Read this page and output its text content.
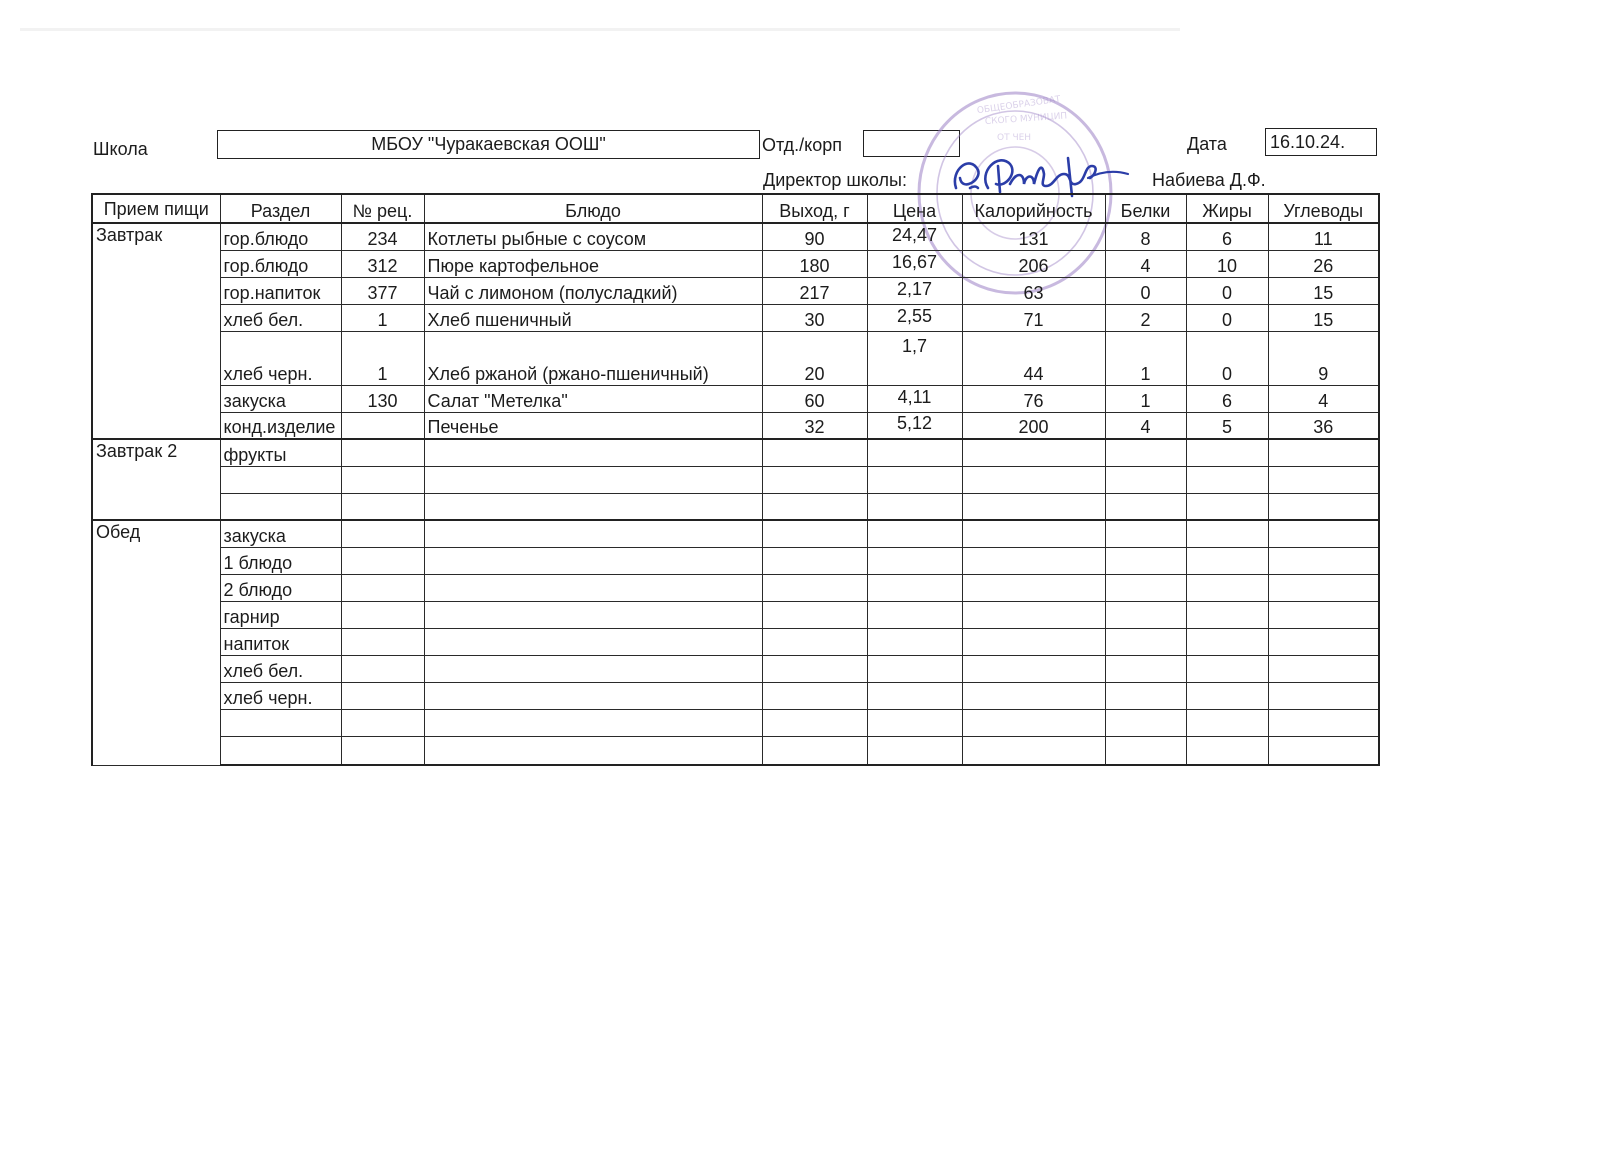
Школа	МБОУ "Чуракаевская ООШ"	Отд./корп	Дата 16.10.24.
ОБЩЕОБРАЗОВАТ
СКОГО МУНИЦИП
ОТ ЧЕН
Директор школы:	Набиева Д.Ф.
Прием пищи	Раздел	№ рец.	Блюдо	Выход, г	Цена	Калорийность	Белки	Жиры	Углеводы
Завтрак	гор.блюдо	234	Котлеты рыбные с соусом	90	24,47	131	8	6	11
	гор.блюдо	312	Пюре картофельное	180	16,67	206	4	10	26
	гор.напиток	377	Чай с лимоном (полусладкий)	217	2,17	63	0	0	15
	хлеб бел.	1	Хлеб пшеничный	30	2,55	71	2	0	15
	хлеб черн.	1	Хлеб ржаной (ржано-пшеничный)	20	1,7	44	1	0	9
	закуска	130	Салат "Метелка"	60	4,11	76	1	6	4
	конд.изделие		Печенье	32	5,12	200	4	5	36
Завтрак 2	фрукты								

Обед	закуска								
	1 блюдо								
	2 блюдо								
	гарнир								
	напиток								
	хлеб бел.								
	хлеб черн.								
